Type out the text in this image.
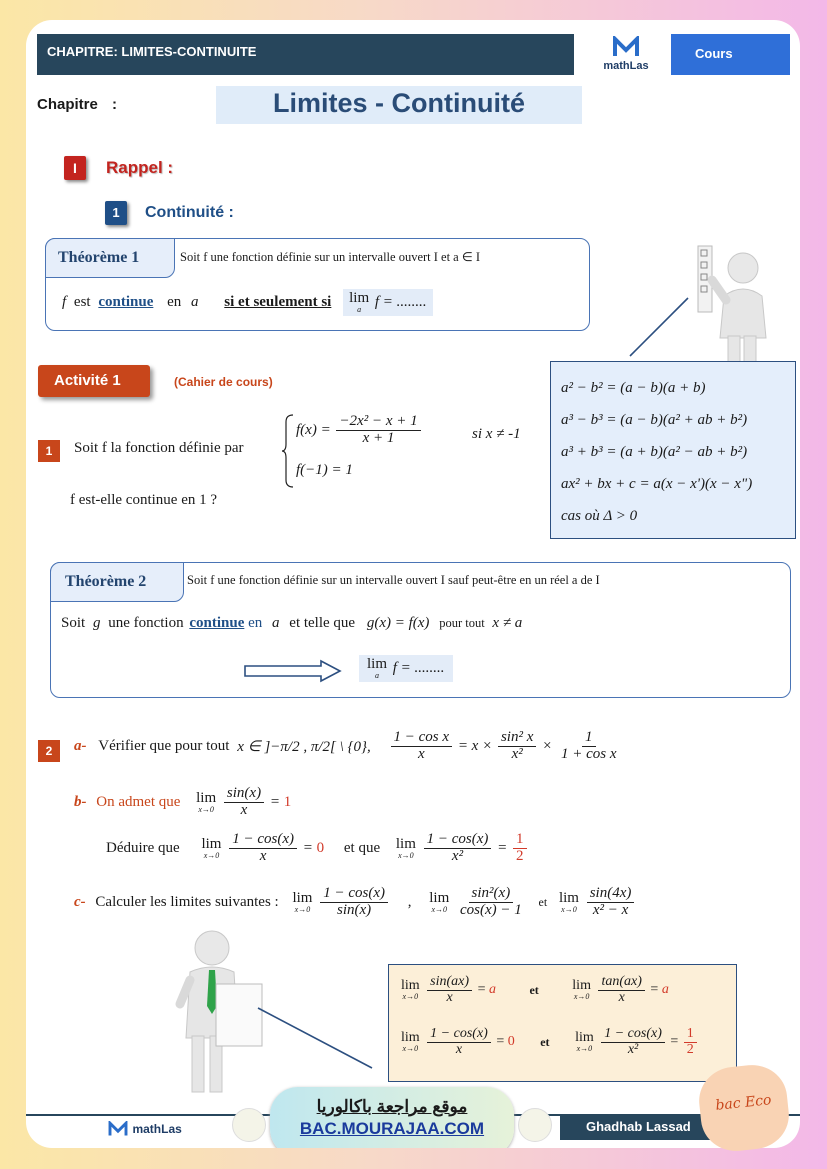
CHAPITRE: LIMITES-CONTINUITE
mathLas
Cours
Chapitre :	Limites - Continuité
I Rappel :
1 Continuité :
Théorème 1	Soit f une fonction définie sur un intervalle ouvert I et a ∈ I
f est continue en a si et seulement si lim
a f = ........
Activité 1	(Cahier de cours)
1	Soit f la fonction définie par
$f(x) = \frac{\text{−2x² − x + 1}}{x + 1}$	si x ≠ -1
f(−1) = 1
f est-elle continue en 1 ?
a² − b² = (a − b)(a + b)
a³ − b³ = (a − b)(a² + ab + b²)
a³ + b³ = (a + b)(a² − ab + b²)
ax² + bx + c = a(x − x')(x − x")
cas où Δ > 0
Théorème 2	Soit f une fonction définie sur un intervalle ouvert I sauf peut-être en un réel a de I
Soit g une fonction continue en a et telle que g(x) = f(x) pour tout x ≠ a
lim
a f = ........
2	a- Vérifier que pour tout x ∈ ]−π/2 , π/2[ \ {0}, $\frac{\text{1 − cos x}}{x} = x \times \frac{\text{sin² x}}{\text{x²}} \times \frac{1}{\text{1 + cos x}}$
b- On admet que lim
x→0
$\frac{\sin(x)}{x} = 1$
Déduire que lim
x→0
$\frac{1 - \cos(x)}{x} = 0$ et que lim
x→0
$\frac{1 - \cos(x)}{\text{x²}} = \frac{1}{2}$
c- Calculer les limites suivantes : lim
x→0
$\frac{1 - \cos(x)}{\sin(x)}$ , lim
x→0
$\frac{\text{sin²(x)}}{\cos(x) - 1}$ et lim
x→0
$\frac{\sin(4x)}{\text{x² − x}}$
lim
x→0
$\frac{\sin(ax)}{x} = a$	et lim
x→0
$\frac{\tan(ax)}{x} = a$
lim
x→0
$\frac{1 - \cos(x)}{x} = 0$ et lim
x→0
$\frac{1 - \cos(x)}{\text{x²}} = \frac{1}{2}$
mathLas	Ghadhab Lassad
موقع مراجعة باكالوريا
BAC.MOURAJAA.COM
bac Eco
